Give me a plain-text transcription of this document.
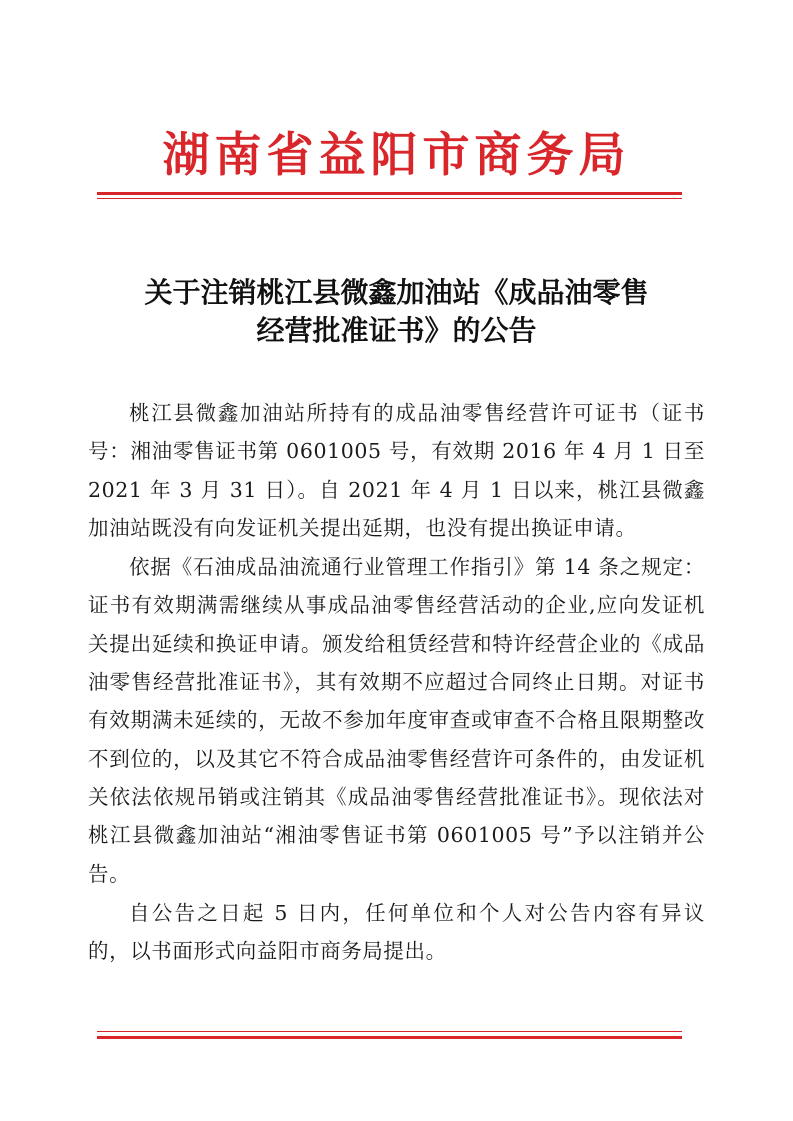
湖南省益阳市商务局
关于注销桃江县微鑫加油站《成品油零售
经营批准证书》的公告

桃江县微鑫加油站所持有的成品油零售经营许可证书（证书号：湘油零售证书第 0601005 号，有效期 2016 年 4 月 1 日至 2021 年 3 月 31 日）。自 2021 年 4 月 1 日以来，桃江县微鑫加油站既没有向发证机关提出延期，也没有提出换证申请。

依据《石油成品油流通行业管理工作指引》第 14 条之规定：证书有效期满需继续从事成品油零售经营活动的企业,应向发证机关提出延续和换证申请。颁发给租赁经营和特许经营企业的《成品油零售经营批准证书》，其有效期不应超过合同终止日期。对证书有效期满未延续的，无故不参加年度审查或审查不合格且限期整改不到位的，以及其它不符合成品油零售经营许可条件的，由发证机关依法依规吊销或注销其《成品油零售经营批准证书》。现依法对桃江县微鑫加油站“湘油零售证书第 0601005 号”予以注销并公告。

自公告之日起 5 日内，任何单位和个人对公告内容有异议的，以书面形式向益阳市商务局提出。
